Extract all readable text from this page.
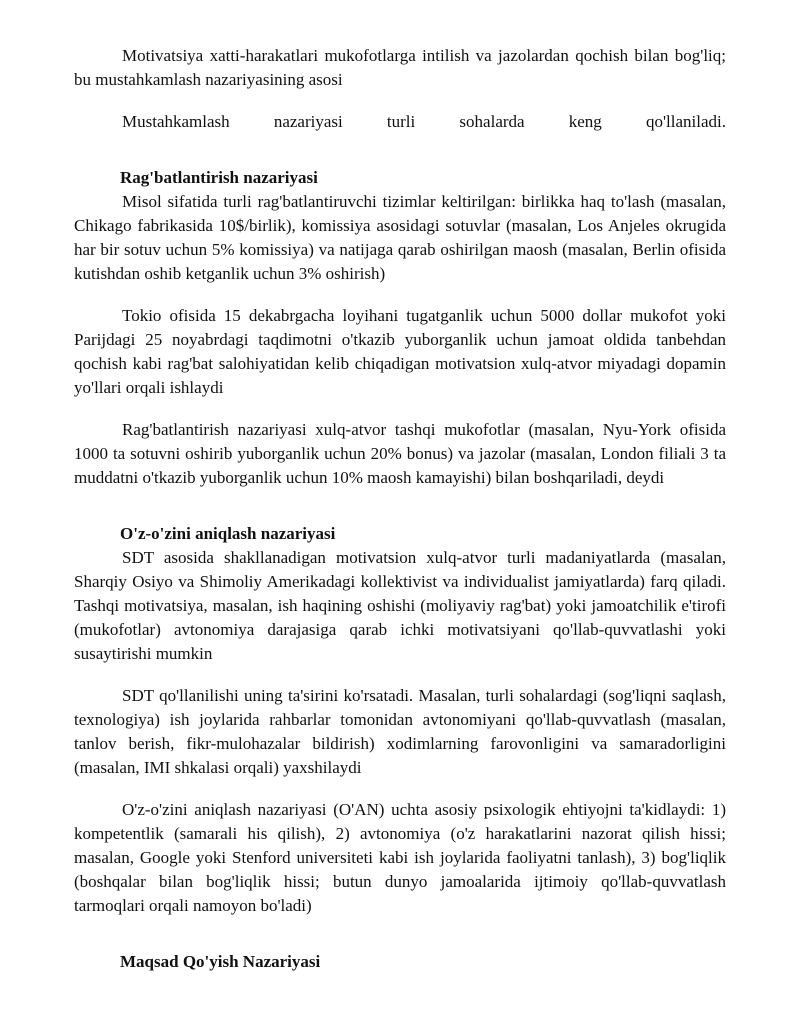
Motivatsiya xatti-harakatlari mukofotlarga intilish va jazolardan qochish bilan bog'liq; bu mustahkamlash nazariyasining asosi

Mustahkamlash nazariyasi turli sohalarda keng qo'llaniladi.

Rag'batlantirish nazariyasi

Misol sifatida turli rag'batlantiruvchi tizimlar keltirilgan: birlikka haq to'lash (masalan, Chikago fabrikasida 10$/birlik), komissiya asosidagi sotuvlar (masalan, Los Anjeles okrugida har bir sotuv uchun 5% komissiya) va natijaga qarab oshirilgan maosh (masalan, Berlin ofisida kutishdan oshib ketganlik uchun 3% oshirish)

Tokio ofisida 15 dekabrgacha loyihani tugatganlik uchun 5000 dollar mukofot yoki Parijdagi 25 noyabrdagi taqdimotni o'tkazib yuborganlik uchun jamoat oldida tanbehdan qochish kabi rag'bat salohiyatidan kelib chiqadigan motivatsion xulq-atvor miyadagi dopamin yo'llari orqali ishlaydi

Rag'batlantirish nazariyasi xulq-atvor tashqi mukofotlar (masalan, Nyu-York ofisida 1000 ta sotuvni oshirib yuborganlik uchun 20% bonus) va jazolar (masalan, London filiali 3 ta muddatni o'tkazib yuborganlik uchun 10% maosh kamayishi) bilan boshqariladi, deydi

O'z-o'zini aniqlash nazariyasi

SDT asosida shakllanadigan motivatsion xulq-atvor turli madaniyatlarda (masalan, Sharqiy Osiyo va Shimoliy Amerikadagi kollektivist va individualist jamiyatlarda) farq qiladi. Tashqi motivatsiya, masalan, ish haqining oshishi (moliyaviy rag'bat) yoki jamoatchilik e'tirofi (mukofotlar) avtonomiya darajasiga qarab ichki motivatsiyani qo'llab-quvvatlashi yoki susaytirishi mumkin

SDT qo'llanilishi uning ta'sirini ko'rsatadi. Masalan, turli sohalardagi (sog'liqni saqlash, texnologiya) ish joylarida rahbarlar tomonidan avtonomiyani qo'llab-quvvatlash (masalan, tanlov berish, fikr-mulohazalar bildirish) xodimlarning farovonligini va samaradorligini (masalan, IMI shkalasi orqali) yaxshilaydi

O'z-o'zini aniqlash nazariyasi (O'AN) uchta asosiy psixologik ehtiyojni ta'kidlaydi: 1) kompetentlik (samarali his qilish), 2) avtonomiya (o'z harakatlarini nazorat qilish hissi; masalan, Google yoki Stenford universiteti kabi ish joylarida faoliyatni tanlash), 3) bog'liqlik (boshqalar bilan bog'liqlik hissi; butun dunyo jamoalarida ijtimoiy qo'llab-quvvatlash tarmoqlari orqali namoyon bo'ladi)

Maqsad Qo'yish Nazariyasi
